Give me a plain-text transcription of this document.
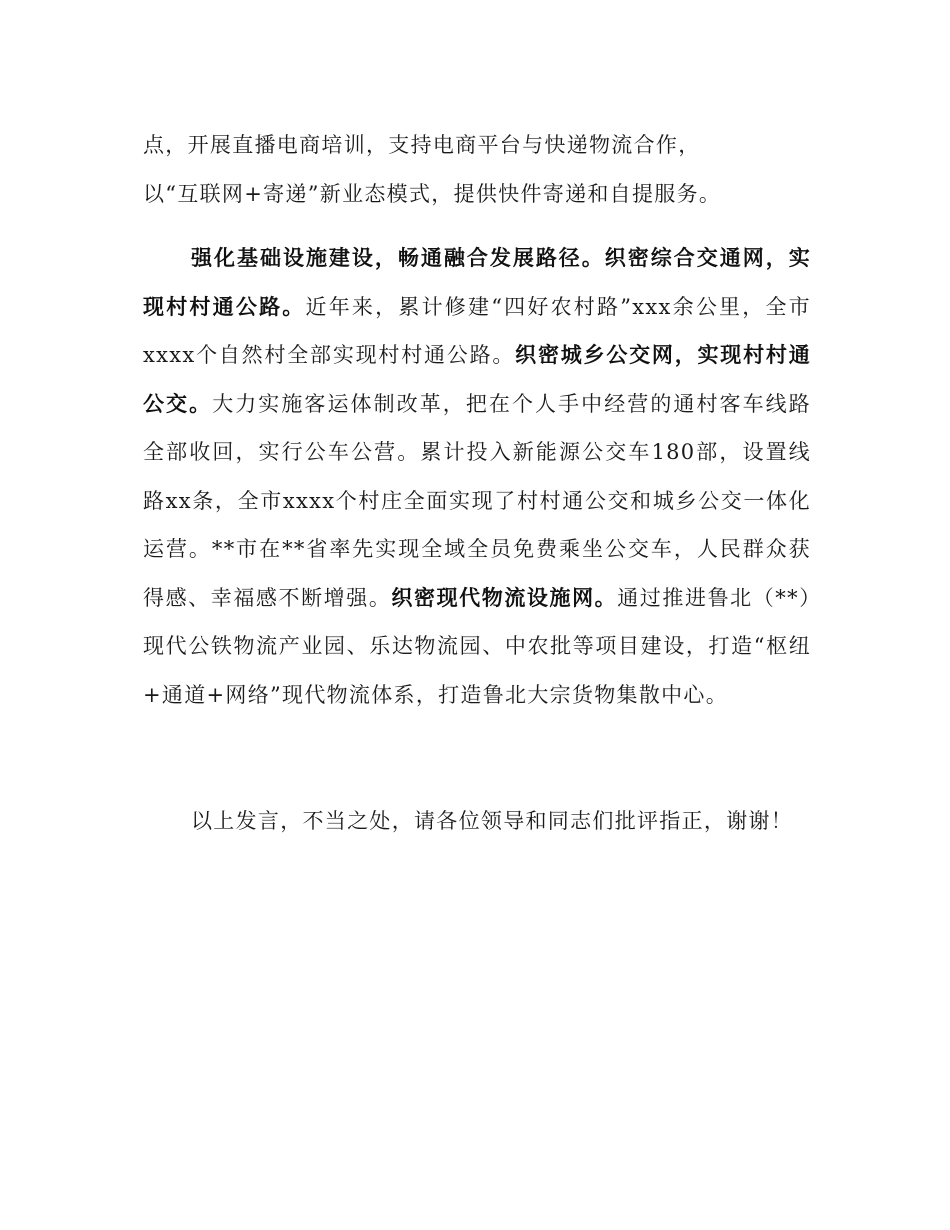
点，开展直播电商培训，支持电商平台与快递物流合作，
以“互联网+寄递”新业态模式，提供快件寄递和自提服务。

强化基础设施建设，畅通融合发展路径。织密综合交通网，实现村村通公路。近年来，累计修建“四好农村路”xxx余公里，全市xxxx个自然村全部实现村村通公路。织密城乡公交网，实现村村通公交。大力实施客运体制改革，把在个人手中经营的通村客车线路全部收回，实行公车公营。累计投入新能源公交车180部，设置线路xx条，全市xxxx个村庄全面实现了村村通公交和城乡公交一体化运营。**市在**省率先实现全域全员免费乘坐公交车，人民群众获得感、幸福感不断增强。织密现代物流设施网。通过推进鲁北（**）现代公铁物流产业园、乐达物流园、中农批等项目建设，打造“枢纽+通道+网络”现代物流体系，打造鲁北大宗货物集散中心。

以上发言，不当之处，请各位领导和同志们批评指正，谢谢！
